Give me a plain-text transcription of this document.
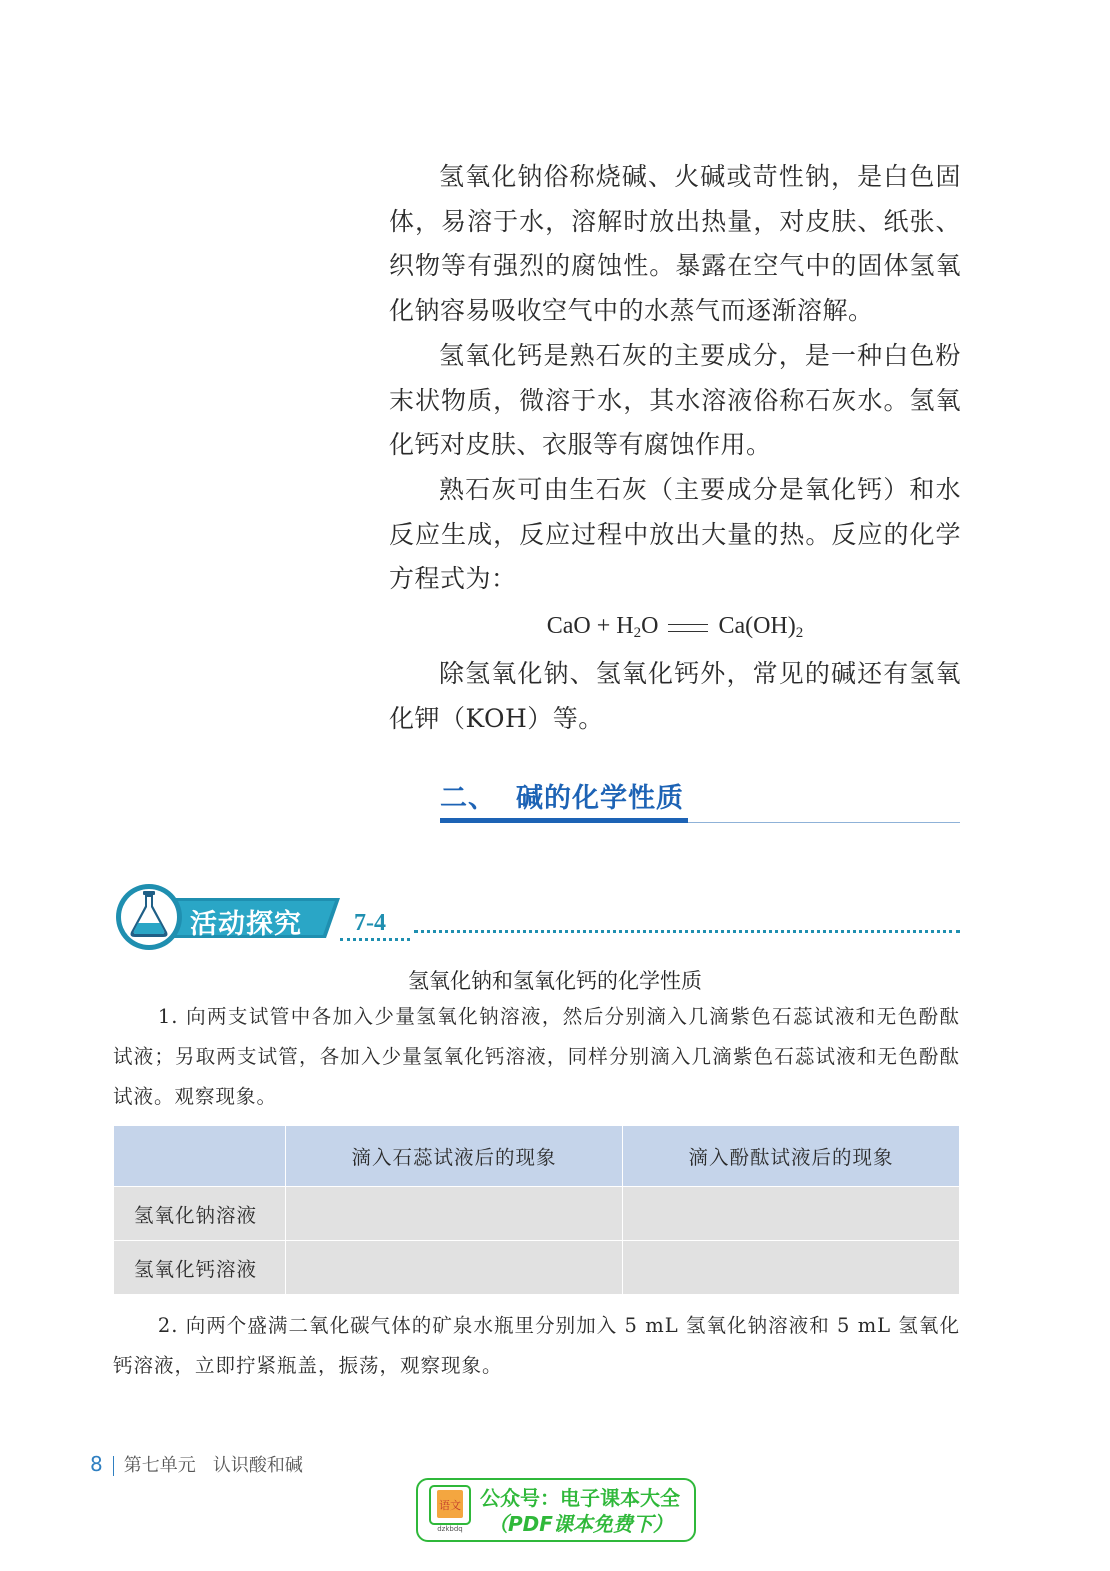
氢氧化钠俗称烧碱、火碱或苛性钠，是白色固体，易溶于水，溶解时放出热量，对皮肤、纸张、织物等有强烈的腐蚀性。暴露在空气中的固体氢氧化钠容易吸收空气中的水蒸气而逐渐溶解。

氢氧化钙是熟石灰的主要成分，是一种白色粉末状物质，微溶于水，其水溶液俗称石灰水。氢氧化钙对皮肤、衣服等有腐蚀作用。

熟石灰可由生石灰（主要成分是氧化钙）和水反应生成，反应过程中放出大量的热。反应的化学方程式为：

CaO + $H_2O$	$Ca(OH)_2$

除氢氧化钠、氢氧化钙外，常见的碱还有氢氧化钾（KOH）等。

二、 碱的化学性质
活动探究 7-4
氢氧化钠和氢氧化钙的化学性质

1. 向两支试管中各加入少量氢氧化钠溶液，然后分别滴入几滴紫色石蕊试液和无色酚酞试液；另取两支试管，各加入少量氢氧化钙溶液，同样分别滴入几滴紫色石蕊试液和无色酚酞试液。观察现象。

	滴入石蕊试液后的现象	滴入酚酞试液后的现象
氢氧化钠溶液		
氢氧化钙溶液		

2. 向两个盛满二氧化碳气体的矿泉水瓶里分别加入 5 mL 氢氧化钠溶液和 5 mL 氢氧化钙溶液，立即拧紧瓶盖，振荡，观察现象。

8 第七单元 认识酸和碱
语文
dzkbdq
公众号：电子课本大全
（PDF课本免费下）
